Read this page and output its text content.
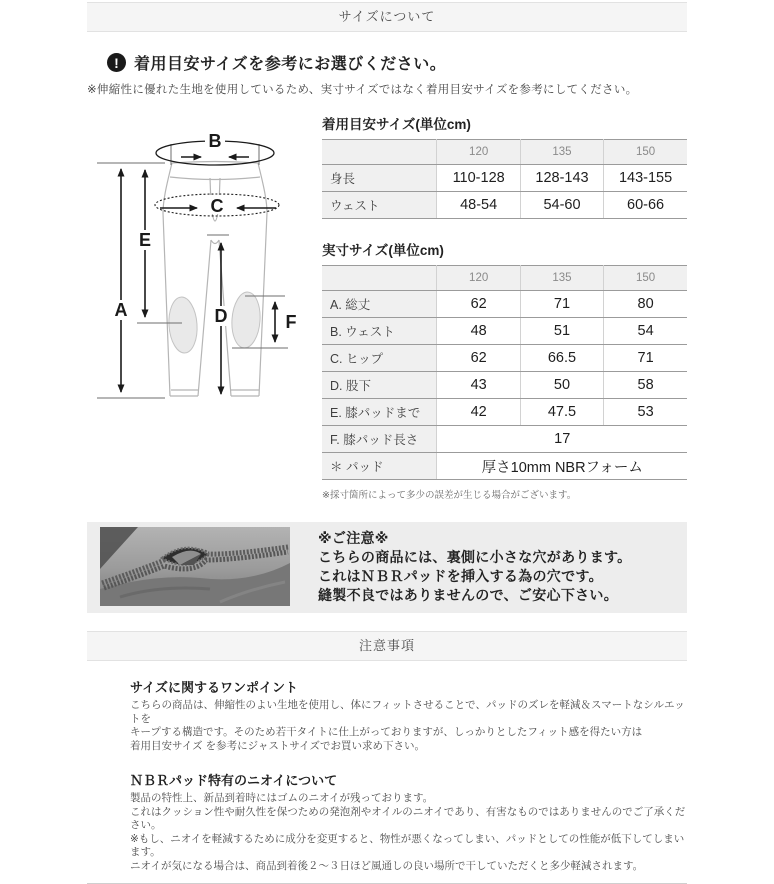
サイズについて
! 着用目安サイズを参考にお選びください。
※伸縮性に優れた生地を使用しているため、実寸サイズではなく着用目安サイズを参考にしてください。
B
C
A
E
D	F
着用目安サイズ(単位cm)
	120	135	150
身長	110-128	128-143	143-155
ウェスト	48-54	54-60	60-66
実寸サイズ(単位cm)
	120	135	150
A. 総丈	62	71	80
B. ウェスト	48	51	54
C. ヒップ	62	66.5	71
D. 股下	43	50	58
E. 膝パッドまで	42	47.5	53
F. 膝パッド長さ	17		
＊ パッド	厚さ10mm NBRフォーム		
※採寸箇所によって多少の誤差が生じる場合がございます。
※ご注意※
こちらの商品には、裏側に小さな穴があります。
これはＮＢＲパッドを挿入する為の穴です。
縫製不良ではありませんので、ご安心下さい。
注意事項
サイズに関するワンポイント
こちらの商品は、伸縮性のよい生地を使用し、体にフィットさせることで、パッドのズレを軽減＆スマートなシルエットを
キープする構造です。そのため若干タイトに仕上がっておりますが、しっかりとしたフィット感を得たい方は
着用目安サイズ を参考にジャストサイズでお買い求め下さい。
ＮＢＲパッド特有のニオイについて
製品の特性上、新品到着時にはゴムのニオイが残っております。
これはクッション性や耐久性を保つための発泡剤やオイルのニオイであり、有害なものではありませんのでご了承ください。
※もし、ニオイを軽減するために成分を変更すると、物性が悪くなってしまい、パッドとしての性能が低下してしまいます。
ニオイが気になる場合は、商品到着後２～３日ほど風通しの良い場所で干していただくと多少軽減されます。
